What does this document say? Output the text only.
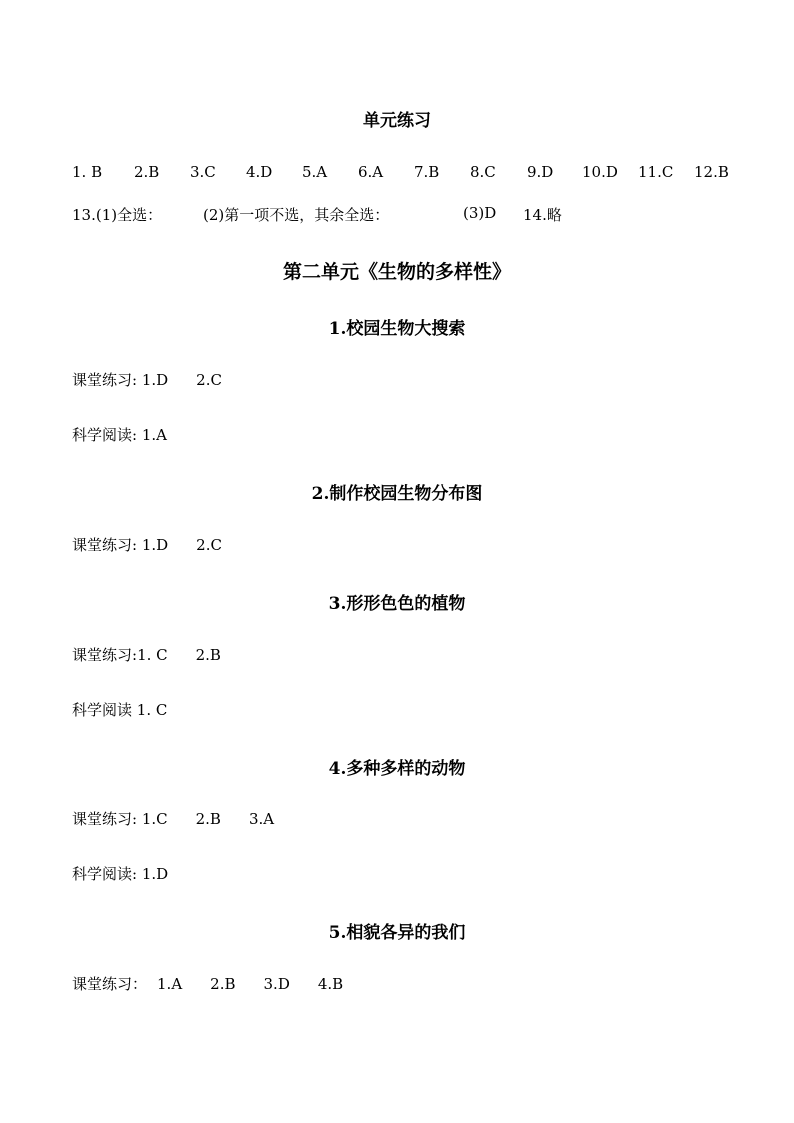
单元练习
1. B 2.B 3.C 4.D 5.A 6.A 7.B 8.C 9.D 10.D 11.C 12.B
13.(1)全选：	(2)第一项不选，其余全选：	(3)D 14.略
第二单元《生物的多样性》
1.校园生物大搜索
课堂练习: 1.D 2.C
科学阅读: 1.A
2.制作校园生物分布图
课堂练习: 1.D 2.C
3.形形色色的植物
课堂练习:1. C 2.B
科学阅读 1. C
4.多种多样的动物
课堂练习: 1.C 2.B 3.A
科学阅读: 1.D
5.相貌各异的我们
课堂练习： 1.A 2.B 3.D 4.B
